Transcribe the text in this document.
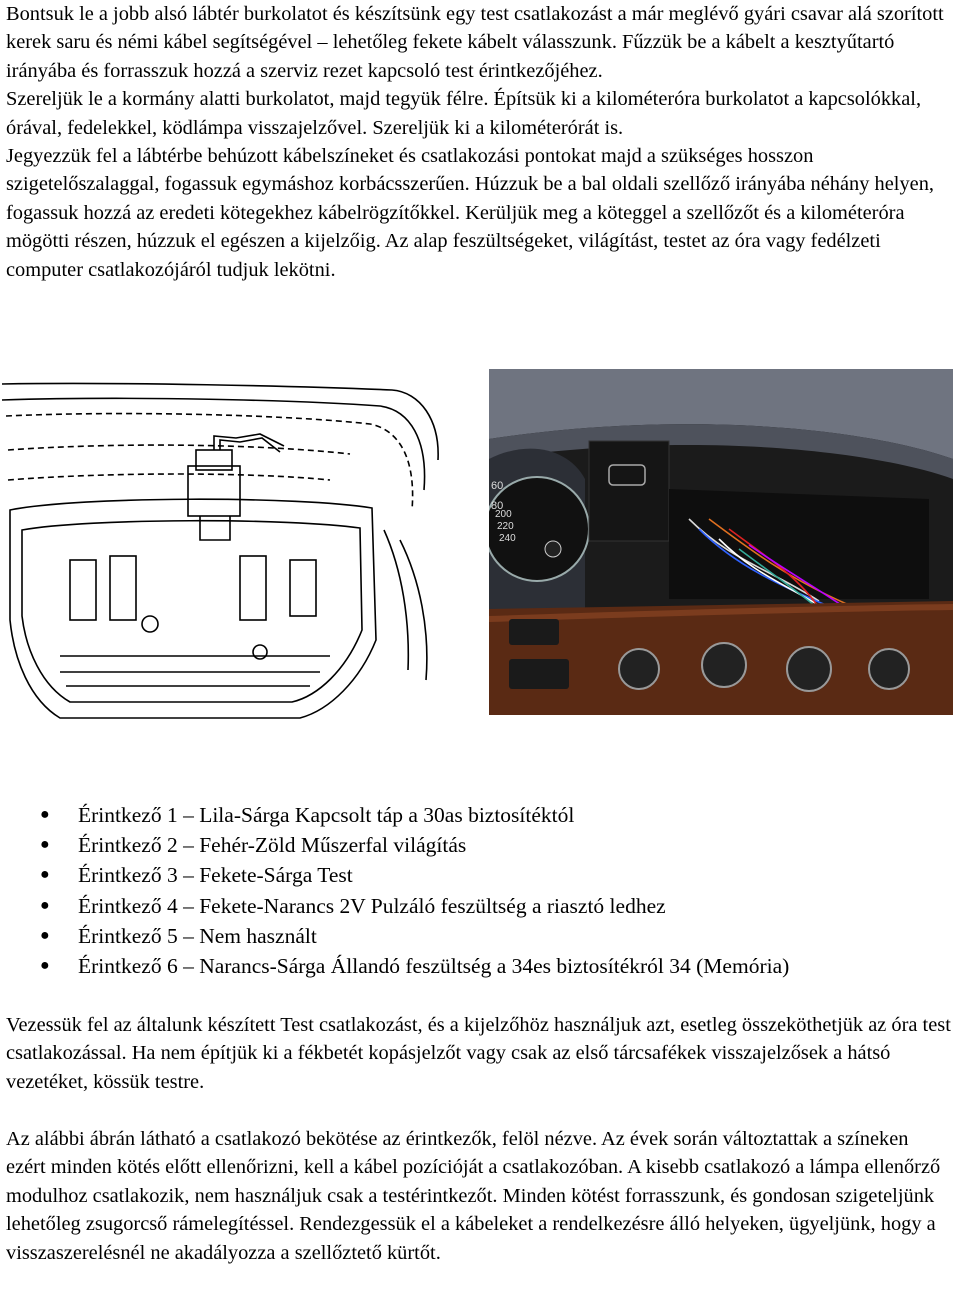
Bontsuk le a jobb alsó lábtér burkolatot és készítsünk egy test csatlakozást a már meglévő gyári csavar alá szorított kerek saru és némi kábel segítségével – lehetőleg fekete kábelt válasszunk. Fűzzük be a kábelt a kesztyűtartó irányába és forrasszuk hozzá a szerviz rezet kapcsoló test érintkezőjéhez.
Szereljük le a kormány alatti burkolatot, majd tegyük félre. Építsük ki a kilométeróra burkolatot a kapcsolókkal, órával, fedelekkel, ködlámpa visszajelzővel. Szereljük ki a kilométerórát is.
Jegyezzük fel a lábtérbe behúzott kábelszíneket és csatlakozási pontokat majd a szükséges hosszon szigetelőszalaggal, fogassuk egymáshoz korbácsszerűen. Húzzuk be a bal oldali szellőző irányába néhány helyen, fogassuk hozzá az eredeti kötegekhez kábelrögzítőkkel. Kerüljük meg a köteggel a szellőzőt és a kilométeróra mögötti részen, húzzuk el egészen a kijelzőig. Az alap feszültségeket, világítást, testet az óra vagy fedélzeti computer csatlakozójáról tudjuk lekötni.
60
80
200
220
240
● Érintkező 1 – Lila-Sárga Kapcsolt táp a 30as biztosítéktól
● Érintkező 2 – Fehér-Zöld Műszerfal világítás
● Érintkező 3 – Fekete-Sárga Test
● Érintkező 4 – Fekete-Narancs 2V Pulzáló feszültség a riasztó ledhez
● Érintkező 5 – Nem használt
● Érintkező 6 – Narancs-Sárga Állandó feszültség a 34es biztosítékról 34 (Memória)

Vezessük fel az általunk készített Test csatlakozást, és a kijelzőhöz használjuk azt, esetleg összeköthetjük az óra test csatlakozással. Ha nem építjük ki a fékbetét kopásjelzőt vagy csak az első tárcsafékek visszajelzősek a hátsó vezetéket, kössük testre.

Az alábbi ábrán látható a csatlakozó bekötése az érintkezők, felöl nézve. Az évek során változtattak a színeken ezért minden kötés előtt ellenőrizni, kell a kábel pozícióját a csatlakozóban. A kisebb csatlakozó a lámpa ellenőrző modulhoz csatlakozik, nem használjuk csak a testérintkezőt. Minden kötést forrasszunk, és gondosan szigeteljünk lehetőleg zsugorcső rámelegítéssel. Rendezgessük el a kábeleket a rendelkezésre álló helyeken, ügyeljünk, hogy a visszaszerelésnél ne akadályozza a szellőztető kürtőt.
